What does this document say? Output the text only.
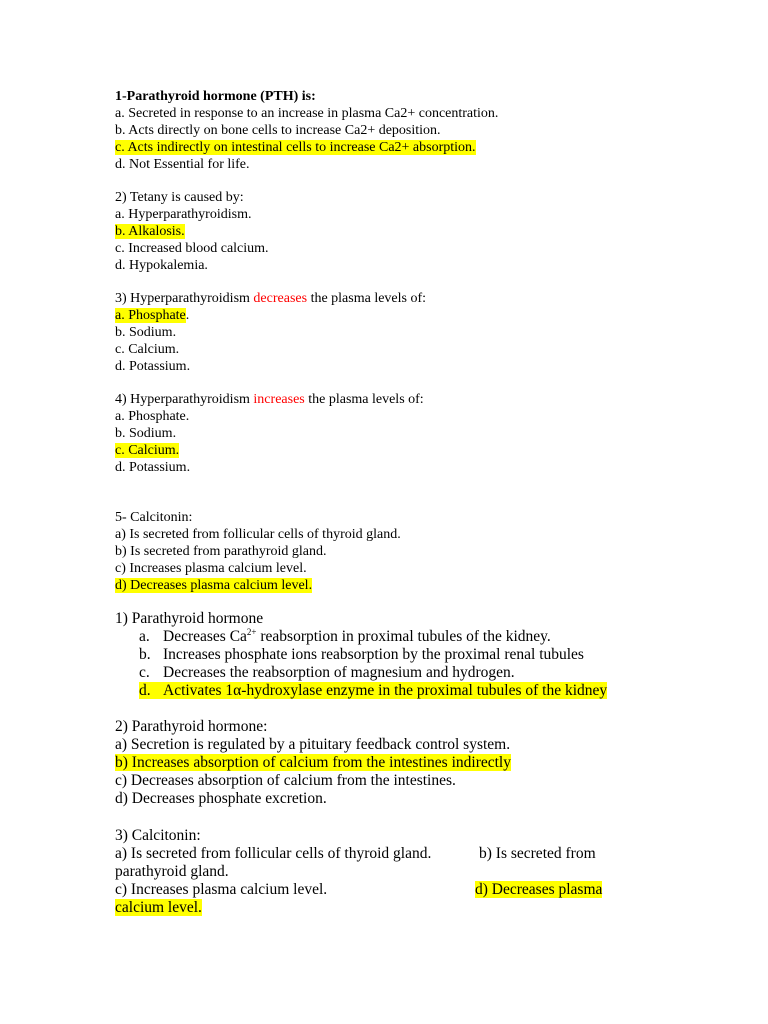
1-Parathyroid hormone (PTH) is:
a. Secreted in response to an increase in plasma Ca2+ concentration.
b. Acts directly on bone cells to increase Ca2+ deposition.
c. Acts indirectly on intestinal cells to increase Ca2+ absorption.
d. Not Essential for life.
2) Tetany is caused by:
a. Hyperparathyroidism.
b. Alkalosis.
c. Increased blood calcium.
d. Hypokalemia.
3) Hyperparathyroidism decreases the plasma levels of:
a. Phosphate.
b. Sodium.
c. Calcium.
d. Potassium.
4) Hyperparathyroidism increases the plasma levels of:
a. Phosphate.
b. Sodium.
c. Calcium.
d. Potassium.
5- Calcitonin:
a) Is secreted from follicular cells of thyroid gland.
b) Is secreted from parathyroid gland.
c) Increases plasma calcium level.
d) Decreases plasma calcium level.
1) Parathyroid hormone
a. Decreases $Ca^{2+}$ reabsorption in proximal tubules of the kidney.
b. Increases phosphate ions reabsorption by the proximal renal tubules
c. Decreases the reabsorption of magnesium and hydrogen.
d. Activates 1α-hydroxylase enzyme in the proximal tubules of the kidney
2) Parathyroid hormone:
a) Secretion is regulated by a pituitary feedback control system.
b) Increases absorption of calcium from the intestines indirectly
c) Decreases absorption of calcium from the intestines.
d) Decreases phosphate excretion.
3) Calcitonin:
a) Is secreted from follicular cells of thyroid gland.	b) Is secreted from
parathyroid gland.
c) Increases plasma calcium level.	d) Decreases plasma
calcium level.
